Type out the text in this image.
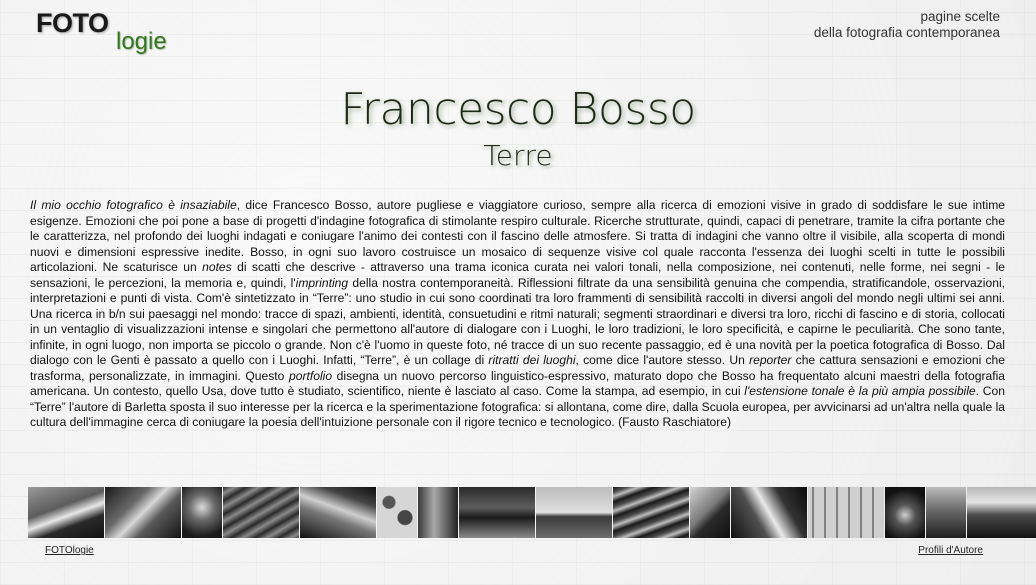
FOTO
logie
pagine scelte
della fotografia contemporanea
Francesco Bosso
Terre
Il mio occhio fotografico è insaziabile, dice Francesco Bosso, autore pugliese e viaggiatore curioso, sempre alla ricerca di emozioni visive in grado di soddisfare le sue intime esigenze. Emozioni che poi pone a base di progetti d'indagine fotografica di stimolante respiro culturale. Ricerche strutturate, quindi, capaci di penetrare, tramite la cifra portante che le caratterizza, nel profondo dei luoghi indagati e coniugare l'animo dei contesti con il fascino delle atmosfere. Si tratta di indagini che vanno oltre il visibile, alla scoperta di mondi nuovi e dimensioni espressive inedite. Bosso, in ogni suo lavoro costruisce un mosaico di sequenze visive col quale racconta l'essenza dei luoghi scelti in tutte le possibili articolazioni. Ne scaturisce un notes di scatti che descrive - attraverso una trama iconica curata nei valori tonali, nella composizione, nei contenuti, nelle forme, nei segni - le sensazioni, le percezioni, la memoria e, quindi, l'imprinting della nostra contemporaneità. Riflessioni filtrate da una sensibilità genuina che compendia, stratificandole, osservazioni, interpretazioni e punti di vista. Com'è sintetizzato in “Terre”: uno studio in cui sono coordinati tra loro frammenti di sensibilità raccolti in diversi angoli del mondo negli ultimi sei anni. Una ricerca in b/n sui paesaggi nel mondo: tracce di spazi, ambienti, identità, consuetudini e ritmi naturali; segmenti straordinari e diversi tra loro, ricchi di fascino e di storia, collocati in un ventaglio di visualizzazioni intense e singolari che permettono all'autore di dialogare con i Luoghi, le loro tradizioni, le loro specificità, e capirne le peculiarità. Che sono tante, infinite, in ogni luogo, non importa se piccolo o grande. Non c'è l'uomo in queste foto, né tracce di un suo recente passaggio, ed è una novità per la poetica fotografica di Bosso. Dal dialogo con le Genti è passato a quello con i Luoghi. Infatti, “Terre”, è un collage di ritratti dei luoghi, come dice l'autore stesso. Un reporter che cattura sensazioni e emozioni che trasforma, personalizzate, in immagini. Questo portfolio disegna un nuovo percorso linguistico-espressivo, maturato dopo che Bosso ha frequentato alcuni maestri della fotografia americana. Un contesto, quello Usa, dove tutto è studiato, scientifico, niente è lasciato al caso. Come la stampa, ad esempio, in cui l'estensione tonale è la più ampia possibile. Con “Terre” l'autore di Barletta sposta il suo interesse per la ricerca e la sperimentazione fotografica: si allontana, come dire, dalla Scuola europea, per avvicinarsi ad un'altra nella quale la cultura dell'immagine cerca di coniugare la poesia dell'intuizione personale con il rigore tecnico e tecnologico. (Fausto Raschiatore)
FOTOlogie	Profili d'Autore
